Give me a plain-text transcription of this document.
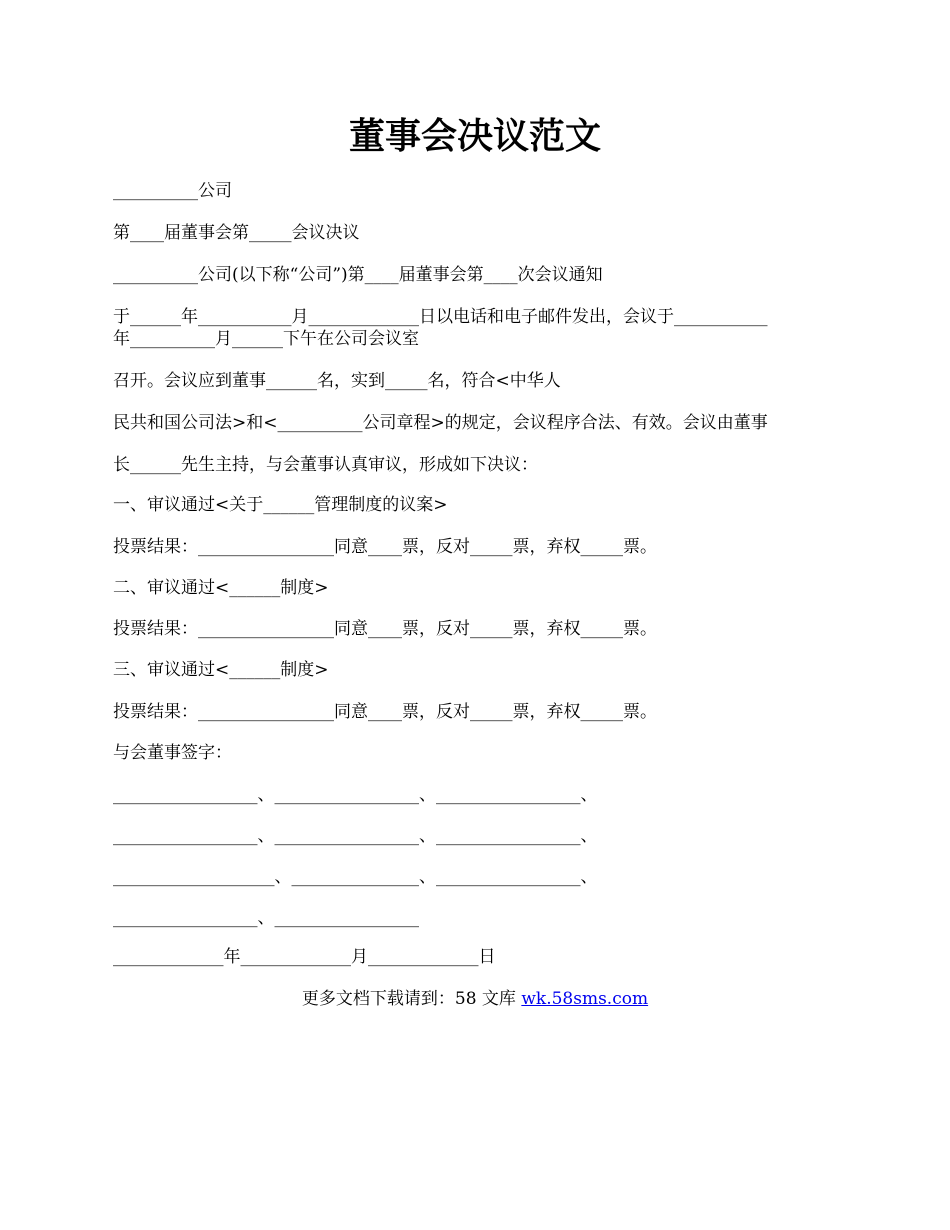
董事会决议范文
__________公司
第____届董事会第_____会议决议
__________公司(以下称“公司”)第____届董事会第____次会议通知
于______年___________月_____________日以电话和电子邮件发出，会议于___________
年__________月______下午在公司会议室
召开。会议应到董事______名，实到_____名，符合<中华人
民共和国公司法>和<__________公司章程>的规定，会议程序合法、有效。会议由董事
长______先生主持，与会董事认真审议，形成如下决议：
一、审议通过<关于______管理制度的议案>
投票结果：________________同意____票，反对_____票，弃权_____票。
二、审议通过<______制度>
投票结果：________________同意____票，反对_____票，弃权_____票。
三、审议通过<______制度>
投票结果：________________同意____票，反对_____票，弃权_____票。
与会董事签字：
_________________、_________________、_________________、
_________________、_________________、_________________、
___________________、_______________、_________________、
_________________、_________________
_____________年_____________月_____________日
更多文档下载请到：58 文库 wk.58sms.com
